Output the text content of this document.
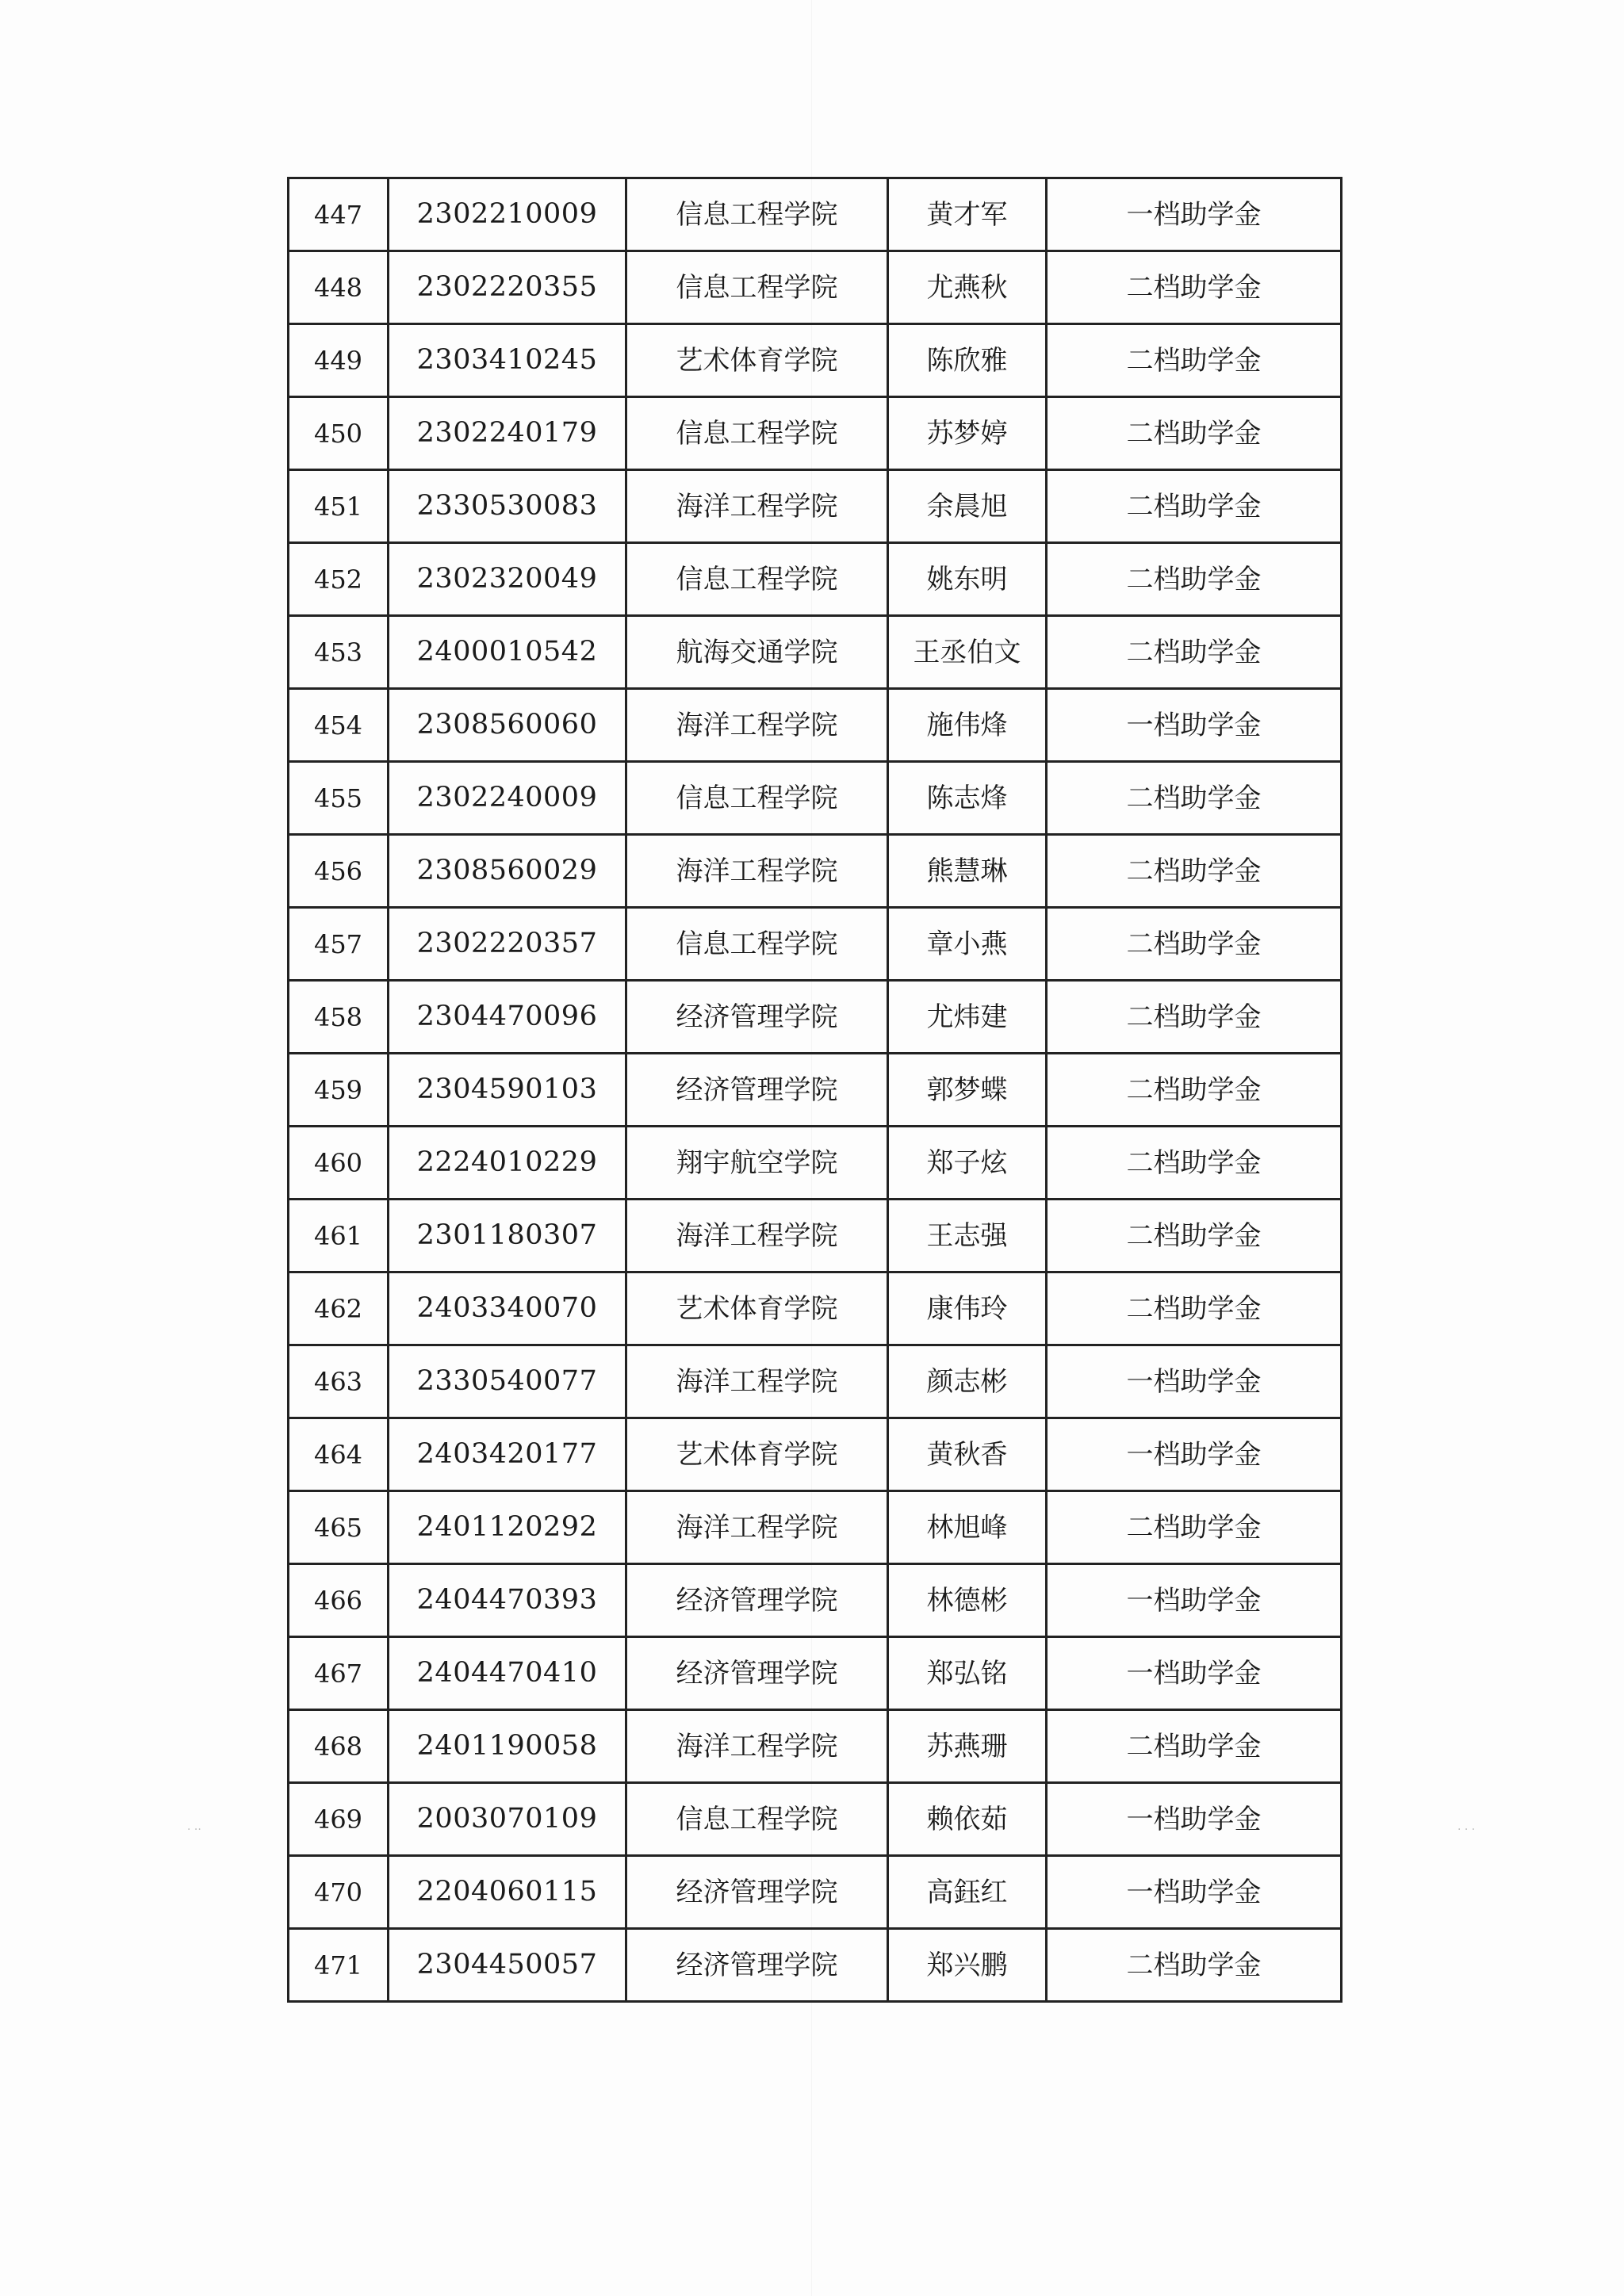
447	2302210009	信息工程学院	黄才军	一档助学金
448	2302220355	信息工程学院	尤燕秋	二档助学金
449	2303410245	艺术体育学院	陈欣雅	二档助学金
450	2302240179	信息工程学院	苏梦婷	二档助学金
451	2330530083	海洋工程学院	余晨旭	二档助学金
452	2302320049	信息工程学院	姚东明	二档助学金
453	2400010542	航海交通学院	王丞伯文	二档助学金
454	2308560060	海洋工程学院	施伟烽	一档助学金
455	2302240009	信息工程学院	陈志烽	二档助学金
456	2308560029	海洋工程学院	熊慧琳	二档助学金
457	2302220357	信息工程学院	章小燕	二档助学金
458	2304470096	经济管理学院	尤炜建	二档助学金
459	2304590103	经济管理学院	郭梦蝶	二档助学金
460	2224010229	翔宇航空学院	郑子炫	二档助学金
461	2301180307	海洋工程学院	王志强	二档助学金
462	2403340070	艺术体育学院	康伟玲	二档助学金
463	2330540077	海洋工程学院	颜志彬	一档助学金
464	2403420177	艺术体育学院	黄秋香	一档助学金
465	2401120292	海洋工程学院	林旭峰	二档助学金
466	2404470393	经济管理学院	林德彬	一档助学金
467	2404470410	经济管理学院	郑弘铭	一档助学金
468	2401190058	海洋工程学院	苏燕珊	二档助学金
469	2003070109	信息工程学院	赖依茹	一档助学金
470	2204060115	经济管理学院	高鈺红	一档助学金
471	2304450057	经济管理学院	郑兴鹏	二档助学金
· ··	· · ·
